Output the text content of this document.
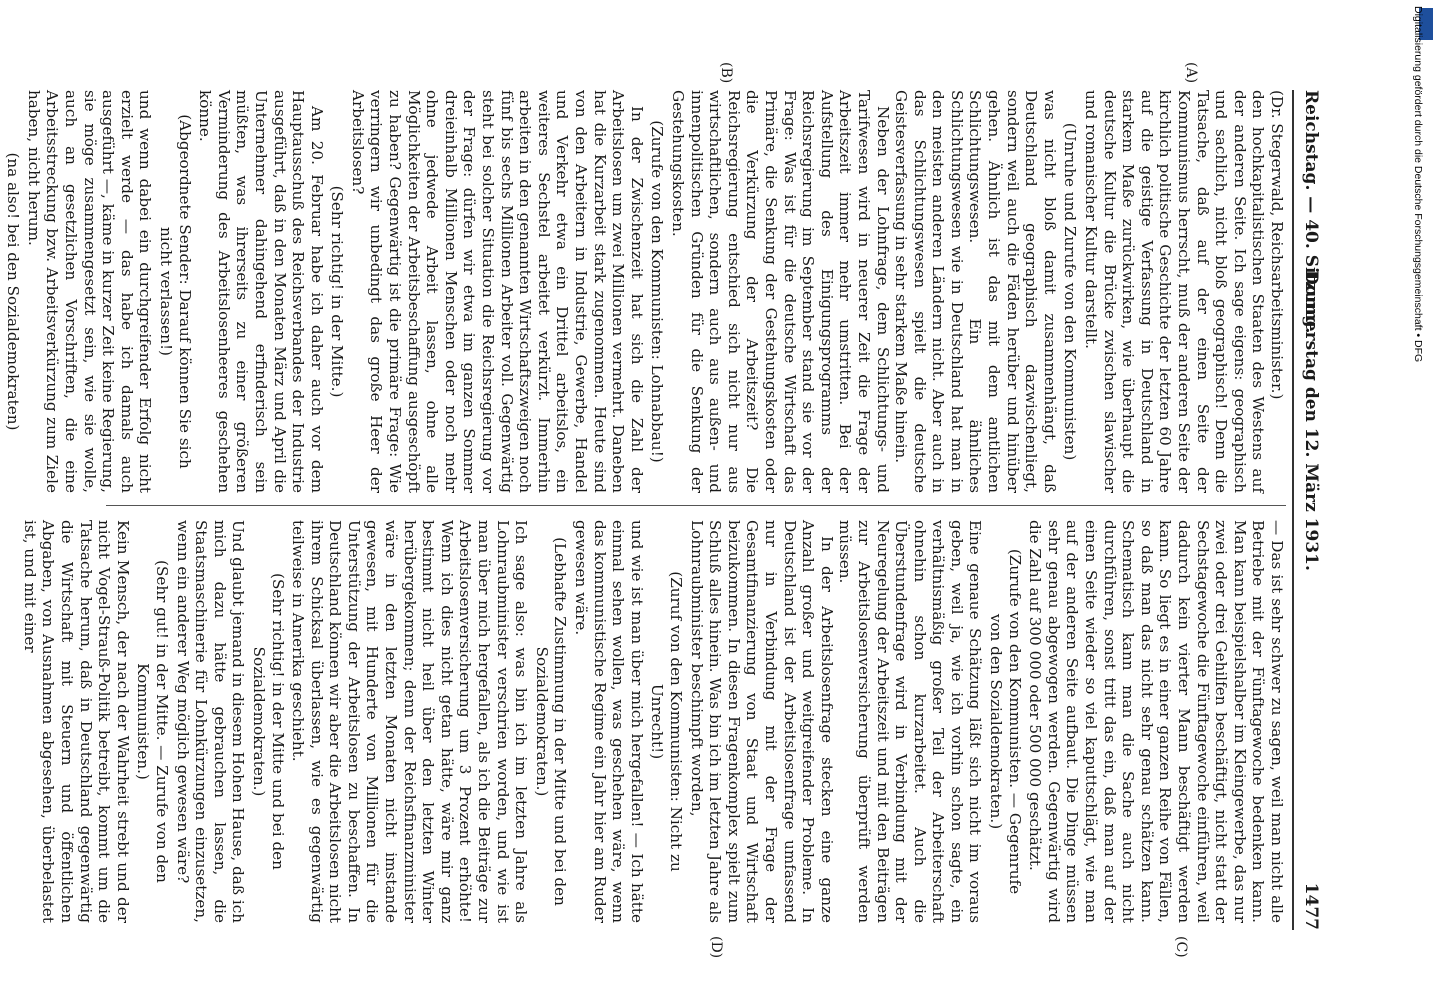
Reichstag. — 40. Sitzung.
Donnerstag den 12. März 1931.
1477

(Dr. Stegerwald, Reichsarbeitsminister.)

den hochkapitalistischen Staaten des Westens auf der anderen Seite. Ich sage eigens: geographisch und sachlich, nicht bloß geographisch! Denn die Tatsache, daß auf der einen Seite der Kommunismus herrscht, muß der anderen Seite der kirchlich politische Geschichte der letzten 60 Jahre auf die geistige Verfassung in Deutschland in starkem Maße zurückwirken, wie überhaupt die deutsche Kultur die Brücke zwischen slawischer und romanischer Kultur darstellt.

(Unruhe und Zurufe von den Kommunisten)

was nicht bloß damit zusammenhängt, daß Deutschland geographisch dazwischenliegt, sondern weil auch die Fäden herüber und hinüber gehen. Ähnlich ist das mit dem amtlichen Schlichtungswesen. Ein ähnliches Schlichtungswesen wie in Deutschland hat man in den meisten anderen Ländern nicht. Aber auch in das Schlichtungswesen spielt die deutsche Geistesverfassung in sehr starkem Maße hinein.

Neben der Lohnfrage, dem Schlichtungs- und Tarifwesen wird in neuerer Zeit die Frage der Arbeitszeit immer mehr umstritten. Bei der Aufstellung des Einigungsprogramms der Reichsregierung im September stand sie vor der Frage: Was ist für die deutsche Wirtschaft das Primäre, die Senkung der Gestehungskosten oder die Verkürzung der Arbeitszeit? Die Reichsregierung entschied sich nicht nur aus wirtschaftlichen, sondern auch aus außen- und innenpolitischen Gründen für die Senkung der Gestehungskosten.

(Zurufe von den Kommunisten: Lohnabbau!)

In der Zwischenzeit hat sich die Zahl der Arbeitslosen um zwei Millionen vermehrt. Daneben hat die Kurzarbeit stark zugenommen. Heute sind von den Arbeitern in Industrie, Gewerbe, Handel und Verkehr etwa ein Drittel arbeitslos, ein weiteres Sechstel arbeitet verkürzt. Immerhin arbeiten in den genannten Wirtschaftszweigen noch fünf bis sechs Millionen Arbeiter voll. Gegenwärtig steht bei solcher Situation die Reichsregierung vor der Frage: dürfen wir etwa im ganzen Sommer dreieinhalb Millionen Menschen oder noch mehr ohne jedwede Arbeit lassen, ohne alle Möglichkeiten der Arbeitsbeschaffung ausgeschöpft zu haben? Gegenwärtig ist die primäre Frage: Wie verringern wir unbedingt das große Heer der Arbeitslosen?

(Sehr richtig! in der Mitte.)

Am 20. Februar habe ich daher auch vor dem Hauptausschuß des Reichsverbandes der Industrie ausgeführt, daß in den Monaten März und April die Unternehmer dahingehend erfinderisch sein müßten, was ihrerseits zu einer größeren Verminderung des Arbeitslosenheeres geschehen könne.

(Abgeordnete Sender: Darauf können Sie sich nicht verlassen!)

und wenn dabei ein durchgreifender Erfolg nicht erzielt werde — das habe ich damals auch ausgeführt —, käme in kurzer Zeit keine Regierung, sie möge zusammengesetzt sein, wie sie wolle, auch an gesetzlichen Vorschriften, die eine Arbeitsstreckung bzw. Arbeitsverkürzung zum Ziele haben, nicht herum.

(na also! bei den Sozialdemokraten)

— Das ist sehr schwer zu sagen, weil man nicht alle Betriebe mit der Fünftagewoche bedenken kann. Man kann beispielshalber im Kleingewerbe, das nur zwei oder drei Gehilfen beschäftigt, nicht statt der Sechstagewoche die Fünftagewoche einführen, weil dadurch kein vierter Mann beschäftigt werden kann. So liegt es in einer ganzen Reihe von Fällen, so daß man das nicht sehr genau schätzen kann. Schematisch kann man die Sache auch nicht durchführen, sonst tritt das ein, daß man auf der einen Seite wieder so viel kaputtschlägt, wie man auf der anderen Seite aufbaut. Die Dinge müssen sehr genau abgewogen werden. Gegenwärtig wird die Zahl auf 300 000 oder 500 000 geschätzt.

(Zurufe von den Kommunisten. — Gegenrufe von den Sozialdemokraten.)

Eine genaue Schätzung läßt sich nicht im voraus geben, weil ja, wie ich vorhin schon sagte, ein verhältnismäßig großer Teil der Arbeiterschaft ohnehin schon kurzarbeitet. Auch die Überstundenfrage wird in Verbindung mit der Neuregelung der Arbeitszeit und mit den Beiträgen zur Arbeitslosenversicherung überprüft werden müssen.

In der Arbeitslosenfrage stecken eine ganze Anzahl großer und weitgreifender Probleme. In Deutschland ist der Arbeitslosenfrage umfassend nur in Verbindung mit der Frage der Gesamtfinanzierung von Staat und Wirtschaft beizukommen. In diesen Fragenkomplex spielt zum Schluß alles hinein. Was bin ich im letzten Jahre als Lohnraubminister beschimpft worden,

(Zuruf von den Kommunisten: Nicht zu Unrecht!)

und wie ist man über mich hergefallen! — Ich hätte einmal sehen wollen, was geschehen wäre, wenn das kommunistische Regime ein Jahr hier am Ruder gewesen wäre.

(Lebhafte Zustimmung in der Mitte und bei den Sozialdemokraten.)

Ich sage also: was bin ich im letzten Jahre als Lohnraubminister verschrien worden, und wie ist man über mich hergefallen, als ich die Beiträge zur Arbeitslosenversicherung um 3 Prozent erhöhte! Wenn ich dies nicht getan hätte, wäre mir ganz bestimmt nicht heil über den letzten Winter herübergekommen; denn der Reichsfinanzminister wäre in den letzten Monaten nicht imstande gewesen, mit Hunderte von Millionen für die Unterstützung der Arbeitslosen zu beschaffen. In Deutschland können wir aber die Arbeitslosen nicht ihrem Schicksal überlassen, wie es gegenwärtig teilweise in Amerika geschieht.

(Sehr richtig! in der Mitte und bei den Sozialdemokraten.)

Und glaubt jemand in diesem Hohen Hause, daß ich mich dazu hätte gebrauchen lassen, die Staatsmaschinerie für Lohnkürzungen einzusetzen, wenn ein anderer Weg möglich gewesen wäre?

(Sehr gut! in der Mitte. — Zurufe von den Kommunisten.)

Kein Mensch, der nach der Wahrheit strebt und der nicht Vogel-Strauß-Politik betreibt, kommt um die Tatsache herum, daß in Deutschland gegenwärtig die Wirtschaft mit Steuern und öffentlichen Abgaben, von Ausnahmen abgesehen, überbelastet ist, und mit einer

(A)
(B)
(C)
(D)
Digitalisierung gefördert durch die Deutsche Forschungsgemeinschaft • DFG
